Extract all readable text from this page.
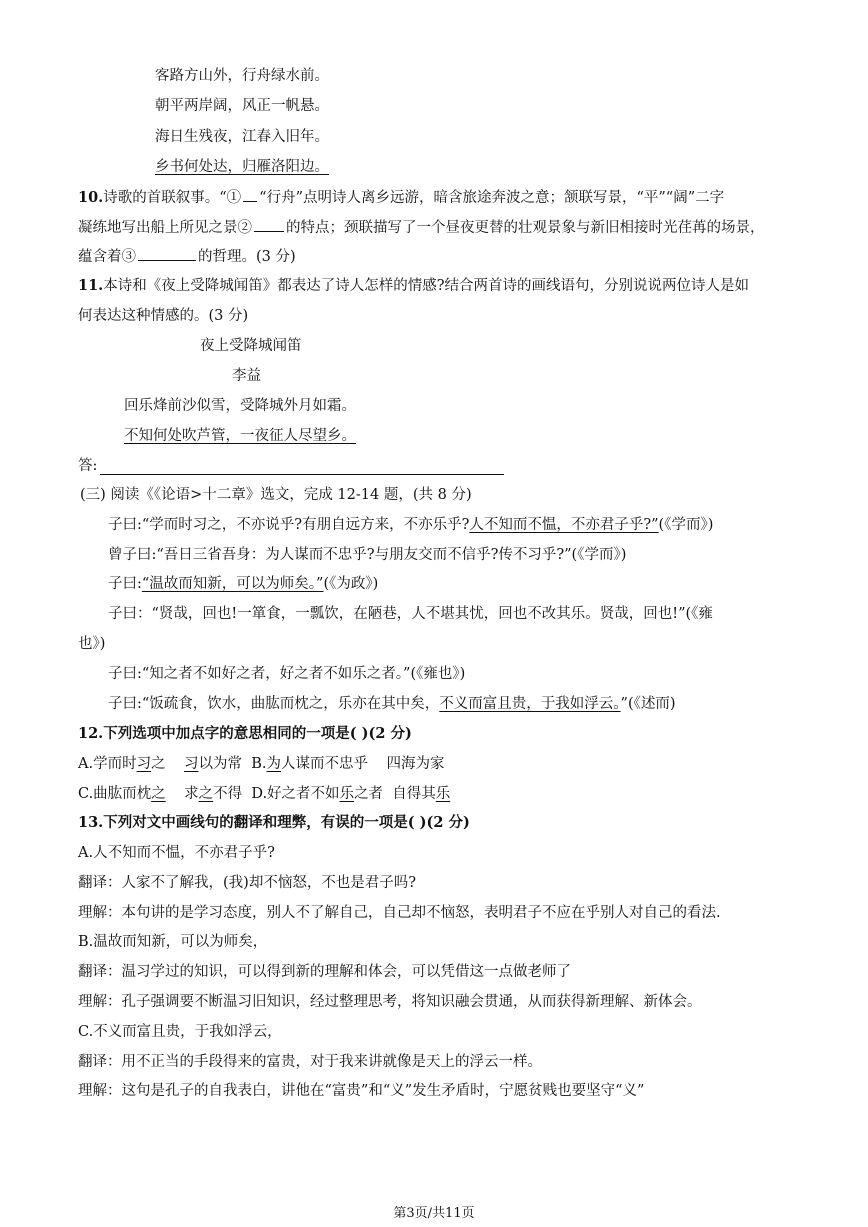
客路方山外，行舟绿水前。
朝平两岸阔，风正一帆悬。
海日生残夜，江春入旧年。
乡书何处达，归雁洛阳边。
10.诗歌的首联叙事。“① “行舟”点明诗人离乡远游，暗含旅途奔波之意；颔联写景，“平”“阔”二字
凝练地写出船上所见之景② 的特点；颈联描写了一个昼夜更替的壮观景象与新旧相接时光荏苒的场景，
蕴含着③	的哲理。(3 分)
11.本诗和《夜上受降城闻笛》都表达了诗人怎样的情感?结合两首诗的画线语句，分别说说两位诗人是如
何表达这种情感的。(3 分)
夜上受降城闻笛
李益
回乐烽前沙似雪，受降城外月如霜。
不知何处吹芦管，一夜征人尽望乡。
答:
(三) 阅读《《论语>十二章》选文，完成 12-14 题，(共 8 分)
子曰:“学而时习之，不亦说乎?有朋自远方来，不亦乐乎?人不知而不愠，不亦君子乎?”(《学而》)
曾子曰:“吾日三省吾身：为人谋而不忠乎?与朋友交而不信乎?传不习乎?”(《学而》)
子曰:“温故而知新，可以为师矣。”(《为政》)
子曰：“贤哉，回也!一箪食，一瓢饮，在陋巷，人不堪其忧，回也不改其乐。贤哉，回也!”(《雍
也》)
子曰:“知之者不如好之者，好之者不如乐之者。”(《雍也》)
子曰:“饭疏食，饮水，曲肱而枕之，乐亦在其中矣，不义而富且贵，于我如浮云。”(《述而)
12.下列选项中加点字的意思相同的一项是( )(2 分)
A.学而时习之    习以为常  B.为人谋而不忠乎    四海为家
C.曲肱而枕之    求之不得  D.好之者不如乐之者  自得其乐
13.下列对文中画线句的翻译和理弊，有误的一项是( )(2 分)
A.人不知而不愠，不亦君子乎?
翻译：人家不了解我，(我)却不恼怒，不也是君子吗?
理解：本句讲的是学习态度，别人不了解自己，自己却不恼怒，表明君子不应在乎别人对自己的看法.
B.温故而知新，可以为师矣，
翻译：温习学过的知识，可以得到新的理解和体会，可以凭借这一点做老师了
理解：孔子强调要不断温习旧知识，经过整理思考，将知识融会贯通，从而获得新理解、新体会。
C.不义而富且贵，于我如浮云，
翻译：用不正当的手段得来的富贵，对于我来讲就像是天上的浮云一样。
理解：这句是孔子的自我表白，讲他在“富贵”和“义”发生矛盾时，宁愿贫贱也要坚守“义”
第3页/共11页
